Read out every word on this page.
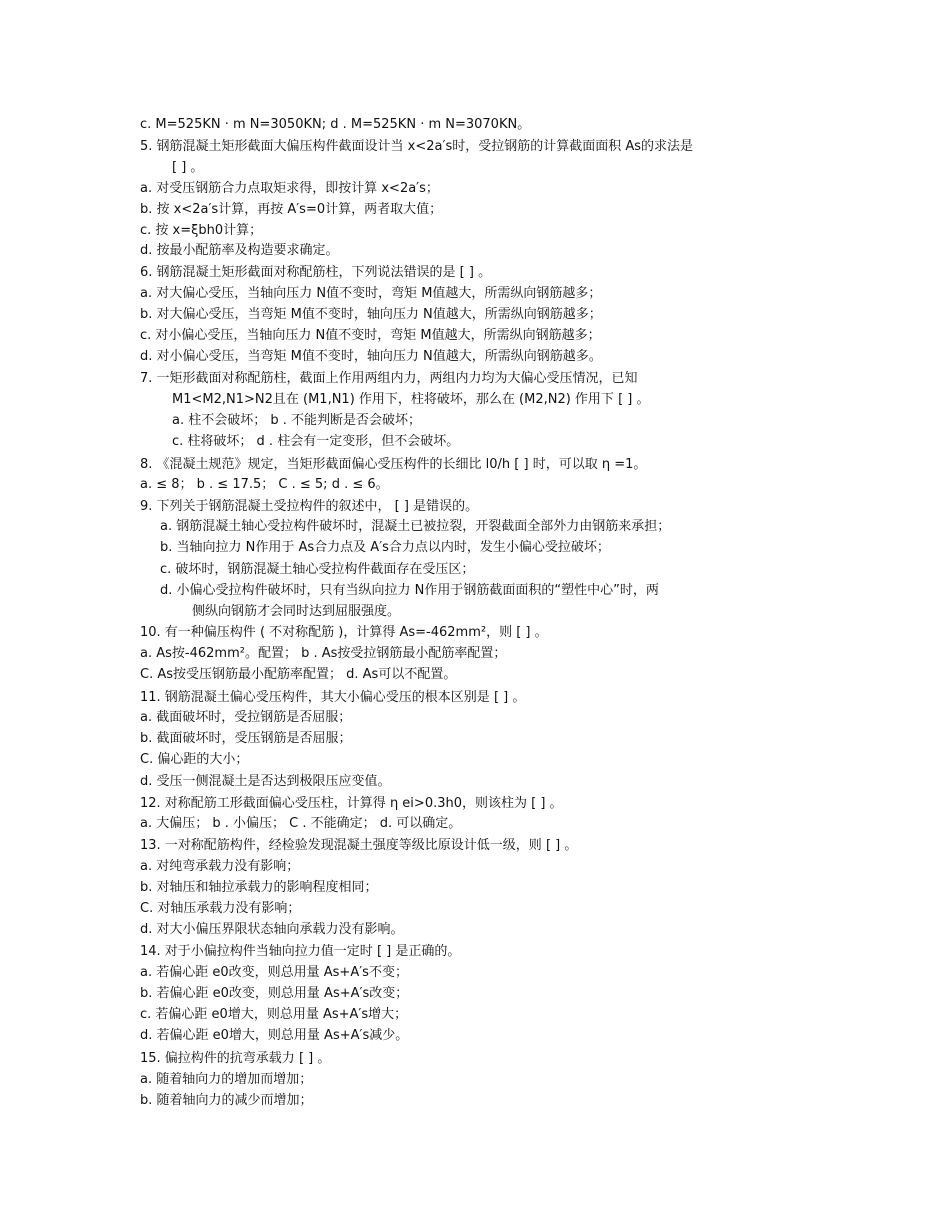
c. M=525KN · m N=3050KN; d . M=525KN · m N=3070KN。
5. 钢筋混凝土矩形截面大偏压构件截面设计当 x<2a′s时，受拉钢筋的计算截面面积 As的求法是
[ ] 。
a. 对受压钢筋合力点取矩求得，即按计算 x<2a′s；
b. 按 x<2a′s计算，再按 A′s=0计算，两者取大值；
c. 按 x=ξbh0计算；
d. 按最小配筋率及构造要求确定。
6. 钢筋混凝土矩形截面对称配筋柱，下列说法错误的是 [ ] 。
a. 对大偏心受压，当轴向压力 N值不变时，弯矩 M值越大，所需纵向钢筋越多；
b. 对大偏心受压，当弯矩 M值不变时，轴向压力 N值越大，所需纵向钢筋越多；
c. 对小偏心受压，当轴向压力 N值不变时，弯矩 M值越大，所需纵向钢筋越多；
d. 对小偏心受压，当弯矩 M值不变时，轴向压力 N值越大，所需纵向钢筋越多。
7. 一矩形截面对称配筋柱，截面上作用两组内力，两组内力均为大偏心受压情况，已知
M1<M2,N1>N2且在 (M1,N1) 作用下，柱将破坏，那么在 (M2,N2) 作用下 [ ] 。
a. 柱不会破坏； b . 不能判断是否会破坏；
c. 柱将破坏； d . 柱会有一定变形，但不会破坏。
8. 《混凝土规范》规定，当矩形截面偏心受压构件的长细比 l0/h [ ] 时，可以取 η =1。
a. ≤ 8； b . ≤ 17.5； C . ≤ 5; d . ≤ 6。
9. 下列关于钢筋混凝土受拉构件的叙述中， [ ] 是错误的。
a. 钢筋混凝土轴心受拉构件破坏时，混凝土已被拉裂，开裂截面全部外力由钢筋来承担；
b. 当轴向拉力 N作用于 As合力点及 A′s合力点以内时，发生小偏心受拉破坏；
c. 破坏时，钢筋混凝土轴心受拉构件截面存在受压区；
d. 小偏心受拉构件破坏时，只有当纵向拉力 N作用于钢筋截面面积的“塑性中心”时，两
侧纵向钢筋才会同时达到屈服强度。
10. 有一种偏压构件 ( 不对称配筋 )，计算得 As=-462mm²，则 [ ] 。
a. As按-462mm²。配置； b . As按受拉钢筋最小配筋率配置；
C. As按受压钢筋最小配筋率配置； d. As可以不配置。
11. 钢筋混凝土偏心受压构件，其大小偏心受压的根本区别是 [ ] 。
a. 截面破坏时，受拉钢筋是否屈服；
b. 截面破坏时，受压钢筋是否屈服；
C. 偏心距的大小；
d. 受压一侧混凝土是否达到极限压应变值。
12. 对称配筋工形截面偏心受压柱，计算得 η ei>0.3h0，则该柱为 [ ] 。
a. 大偏压； b . 小偏压； C . 不能确定； d. 可以确定。
13. 一对称配筋构件，经检验发现混凝土强度等级比原设计低一级，则 [ ] 。
a. 对纯弯承载力没有影响；
b. 对轴压和轴拉承载力的影响程度相同；
C. 对轴压承载力没有影响；
d. 对大小偏压界限状态轴向承载力没有影响。
14. 对于小偏拉构件当轴向拉力值一定时 [ ] 是正确的。
a. 若偏心距 e0改变，则总用量 As+A′s不变；
b. 若偏心距 e0改变，则总用量 As+A′s改变；
c. 若偏心距 e0增大，则总用量 As+A′s增大；
d. 若偏心距 e0增大，则总用量 As+A′s减少。
15. 偏拉构件的抗弯承载力 [ ] 。
a. 随着轴向力的增加而增加；
b. 随着轴向力的减少而增加；
